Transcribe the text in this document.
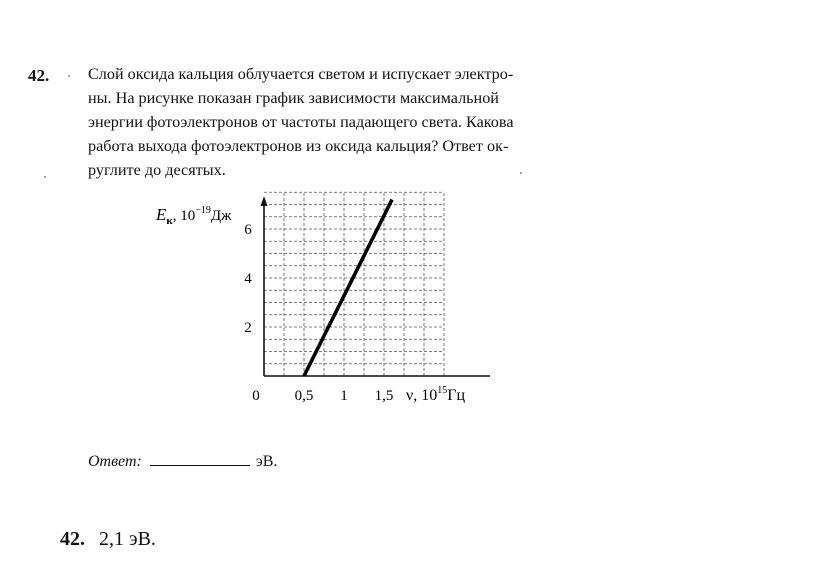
42. Слой оксида кальция облучается светом и испускает электро-
ны. На рисунке показан график зависимости максимальной
энергии фотоэлектронов от частоты падающего света. Какова
работа выхода фотоэлектронов из оксида кальция? Ответ ок-
руглите до десятых.
0,5 1 1,5
2
4
6
$E_к$, $10^{-19}Дж$
0	ν, $10^{15}Гц$
Ответ:	эВ.
42. 2,1 эВ.
